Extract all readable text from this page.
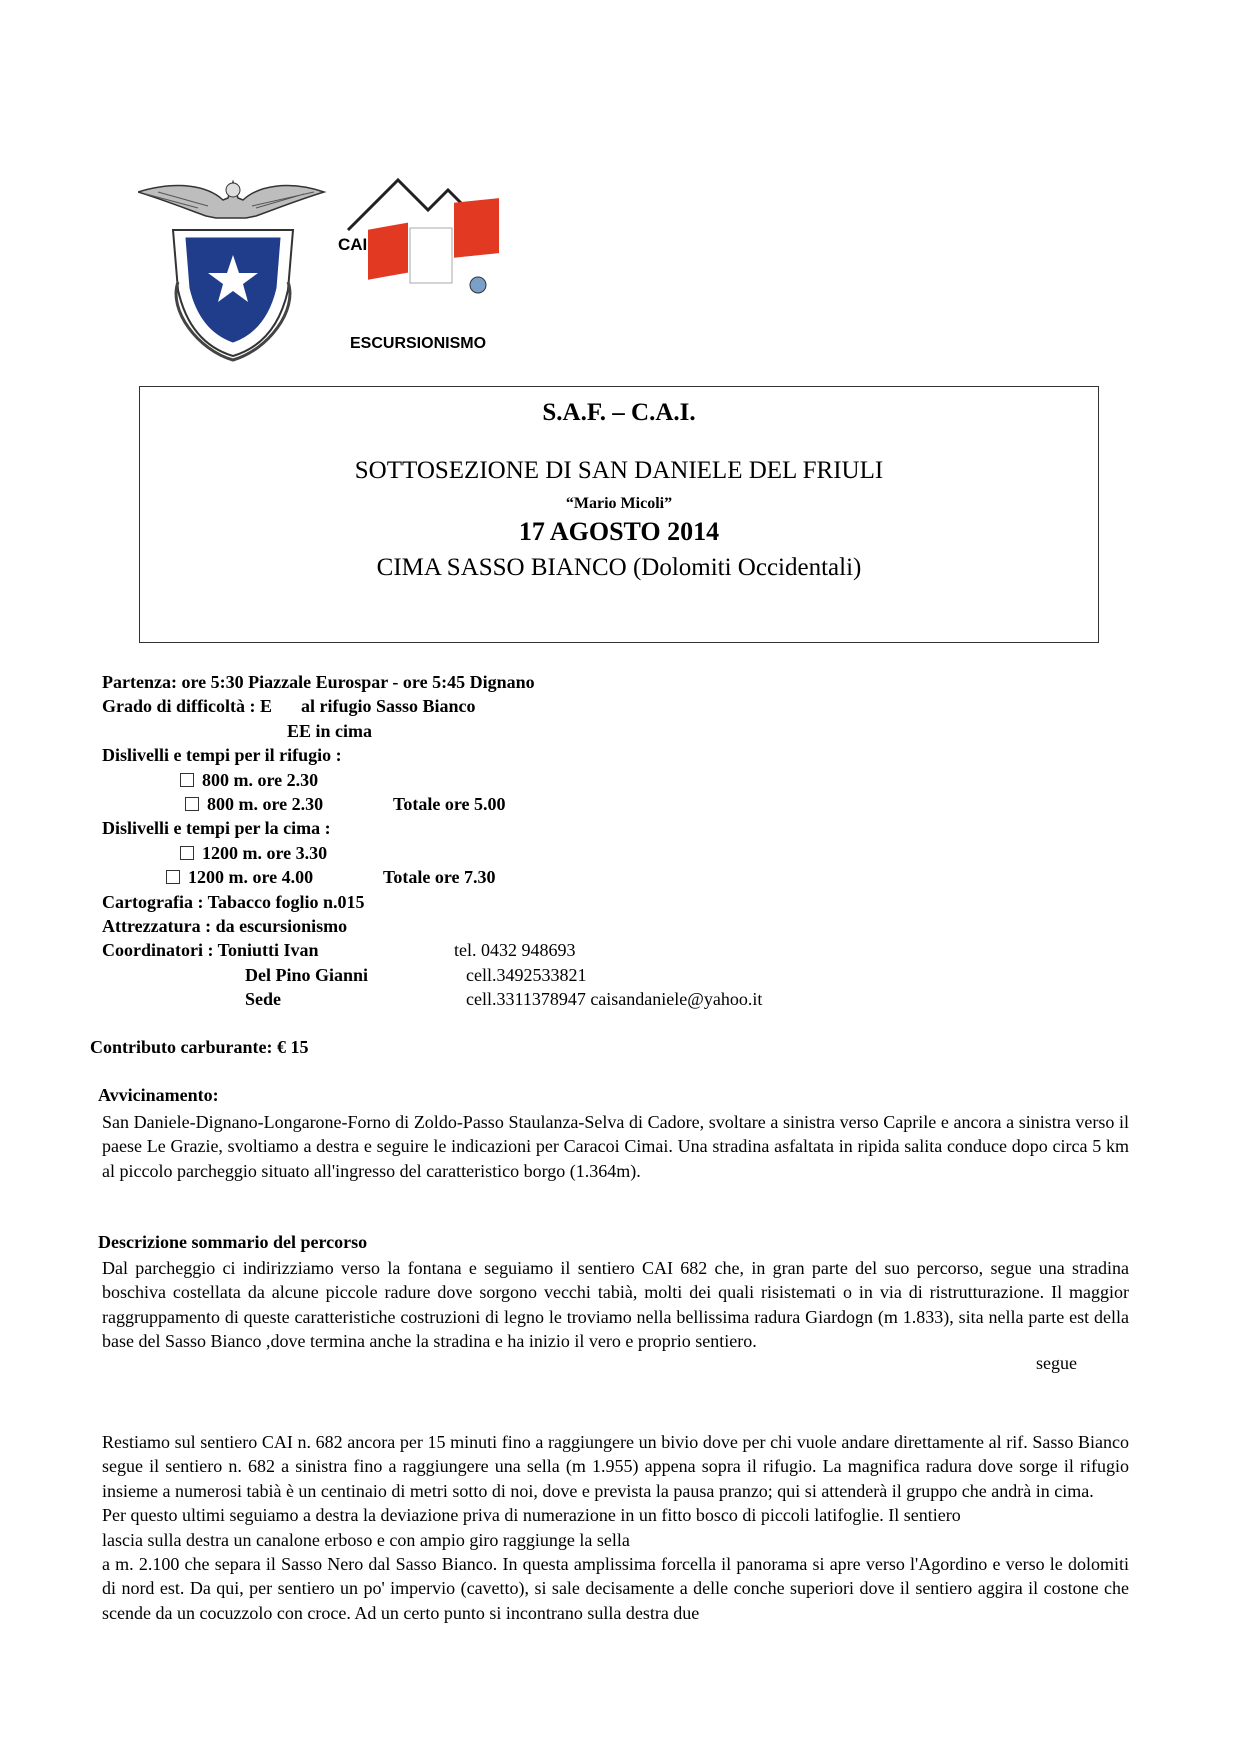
CAI
ESCURSIONISMO
S.A.F. – C.A.I.
SOTTOSEZIONE DI SAN DANIELE DEL FRIULI
“Mario Micoli”
17 AGOSTO 2014
CIMA SASSO BIANCO (Dolomiti Occidentali)
Partenza: ore 5:30 Piazzale Eurospar - ore 5:45 Dignano
Grado di difficoltà : E al rifugio Sasso Bianco
EE in cima
Dislivelli e tempi per il rifugio :
800 m. ore 2.30
800 m. ore 2.30	Totale ore 5.00
Dislivelli e tempi per la cima :
1200 m. ore 3.30
1200 m. ore 4.00	Totale ore 7.30
Cartografia : Tabacco foglio n.015
Attrezzatura : da escursionismo
Coordinatori : Toniutti Ivan	tel. 0432 948693
Del Pino Gianni	cell.3492533821
Sede	cell.3311378947 caisandaniele@yahoo.it
Contributo carburante: € 15
Avvicinamento:

San Daniele-Dignano-Longarone-Forno di Zoldo-Passo Staulanza-Selva di Cadore, svoltare a sinistra verso Caprile e ancora a sinistra verso il paese Le Grazie, svoltiamo a destra e seguire le indicazioni per Caracoi Cimai. Una stradina asfaltata in ripida salita conduce dopo circa 5 km al piccolo parcheggio situato all'ingresso del caratteristico borgo (1.364m).

Descrizione sommario del percorso

Dal parcheggio ci indirizziamo verso la fontana e seguiamo il sentiero CAI 682 che, in gran parte del suo percorso, segue una stradina boschiva costellata da alcune piccole radure dove sorgono vecchi tabià, molti dei quali risistemati o in via di ristrutturazione. Il maggior raggruppamento di queste caratteristiche costruzioni di legno le troviamo nella bellissima radura Giardogn (m 1.833), sita nella parte est della base del Sasso Bianco ,dove termina anche la stradina e ha inizio il vero e proprio sentiero.

segue

Restiamo sul sentiero CAI n. 682 ancora per 15 minuti fino a raggiungere un bivio dove per chi vuole andare direttamente al rif. Sasso Bianco segue il sentiero n. 682 a sinistra fino a raggiungere una sella (m 1.955) appena sopra il rifugio. La magnifica radura dove sorge il rifugio insieme a numerosi tabià è un centinaio di metri sotto di noi, dove e prevista la pausa pranzo; qui si attenderà il gruppo che andrà in cima.

Per questo ultimi seguiamo a destra la deviazione priva di numerazione in un fitto bosco di piccoli latifoglie. Il sentiero

lascia sulla destra un canalone erboso e con ampio giro raggiunge la sella

a m. 2.100 che separa il Sasso Nero dal Sasso Bianco. In questa amplissima forcella il panorama si apre verso l'Agordino e verso le dolomiti di nord est. Da qui, per sentiero un po' impervio (cavetto), si sale decisamente a delle conche superiori dove il sentiero aggira il costone che scende da un cocuzzolo con croce. Ad un certo punto si incontrano sulla destra due
